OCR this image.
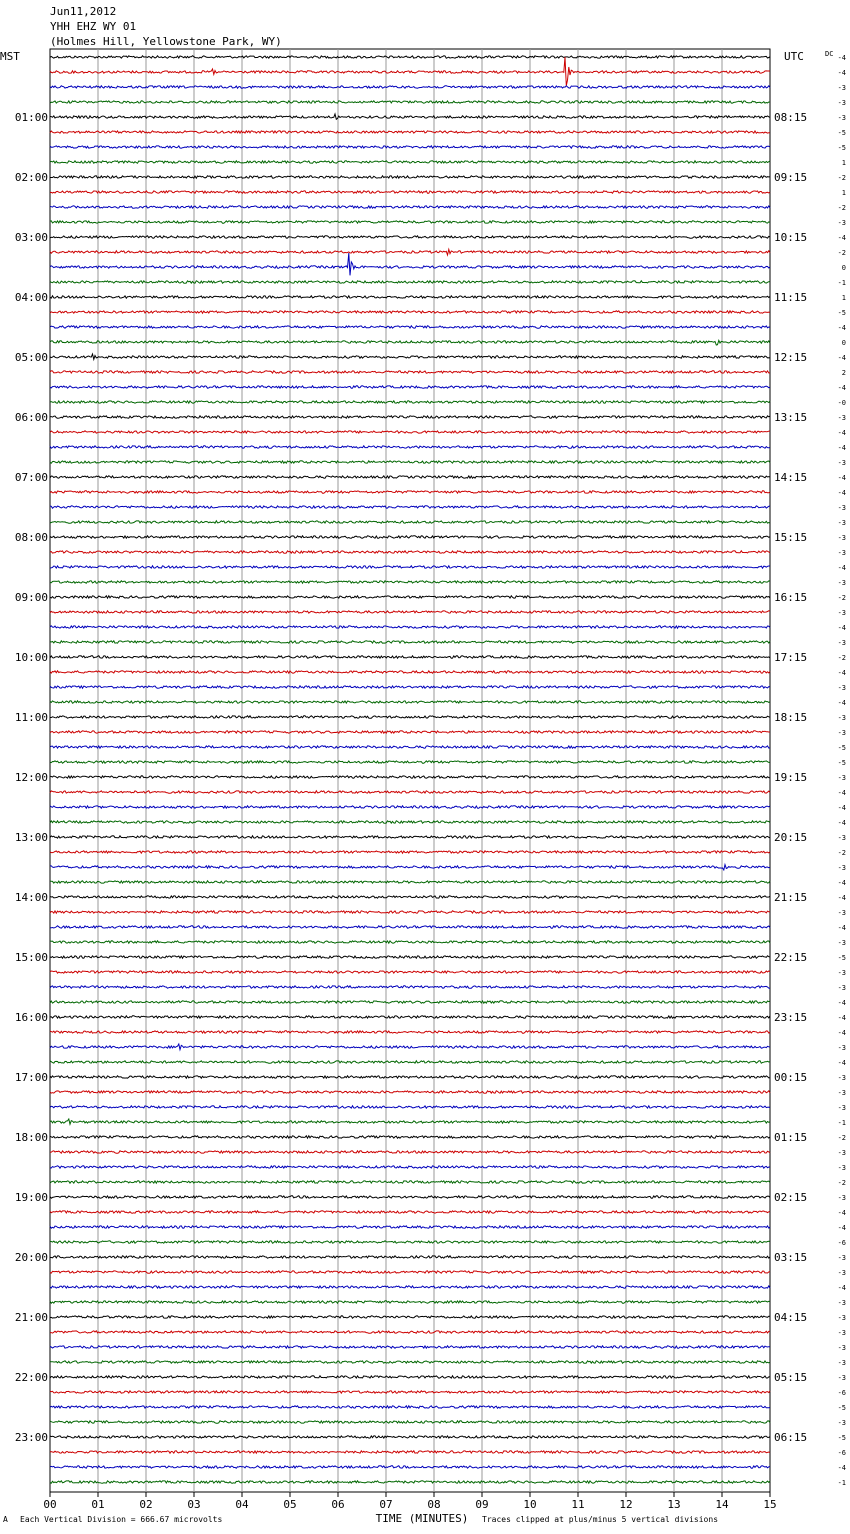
MST	UTC	DC
01:00
02:00
03:00
04:00
05:00
06:00
07:00
08:00
09:00
10:00
11:00
12:00
13:00
14:00
15:00
16:00
17:00
18:00
19:00
20:00
21:00
22:00
23:00
08:15
09:15
10:15
11:15
12:15
13:15
14:15
15:15
16:15
17:15
18:15
19:15
20:15
21:15
22:15
23:15
00:15
01:15
02:15
03:15
04:15
05:15
06:15
-4
-4
-3
-3
-3
-5
-5
1
-2
1
-2
-3
-4
-2
0
-1
1
-5
-4
0
-4
2
-4
-0
-3
-4
-4
-3
-4
-4
-3
-3
-3
-3
-4
-3
-2
-3
-4
-3
-2
-4
-3
-4
-3
-3
-5
-5
-3
-4
-4
-4
-3
-2
-3
-4
-4
-3
-4
-3
-5
-3
-3
-4
-4
-4
-3
-4
-3
-3
-3
-1
-2
-3
-3
-2
-3
-4
-4
-6
-3
-3
-4
-3
-3
-3
-3
-3
-3
-6
-5
-3
-5
-6
-4
-1
00	01	02	03	04	05	06	07	08	09	10	11	12	13	14	15
TIME (MINUTES)
Jun11,2012
YHH EHZ WY 01
(Holmes Hill, Yellowstone Park, WY)
A Each Vertical Division = 666.67 microvolts	Traces clipped at plus/minus 5 vertical divisions
